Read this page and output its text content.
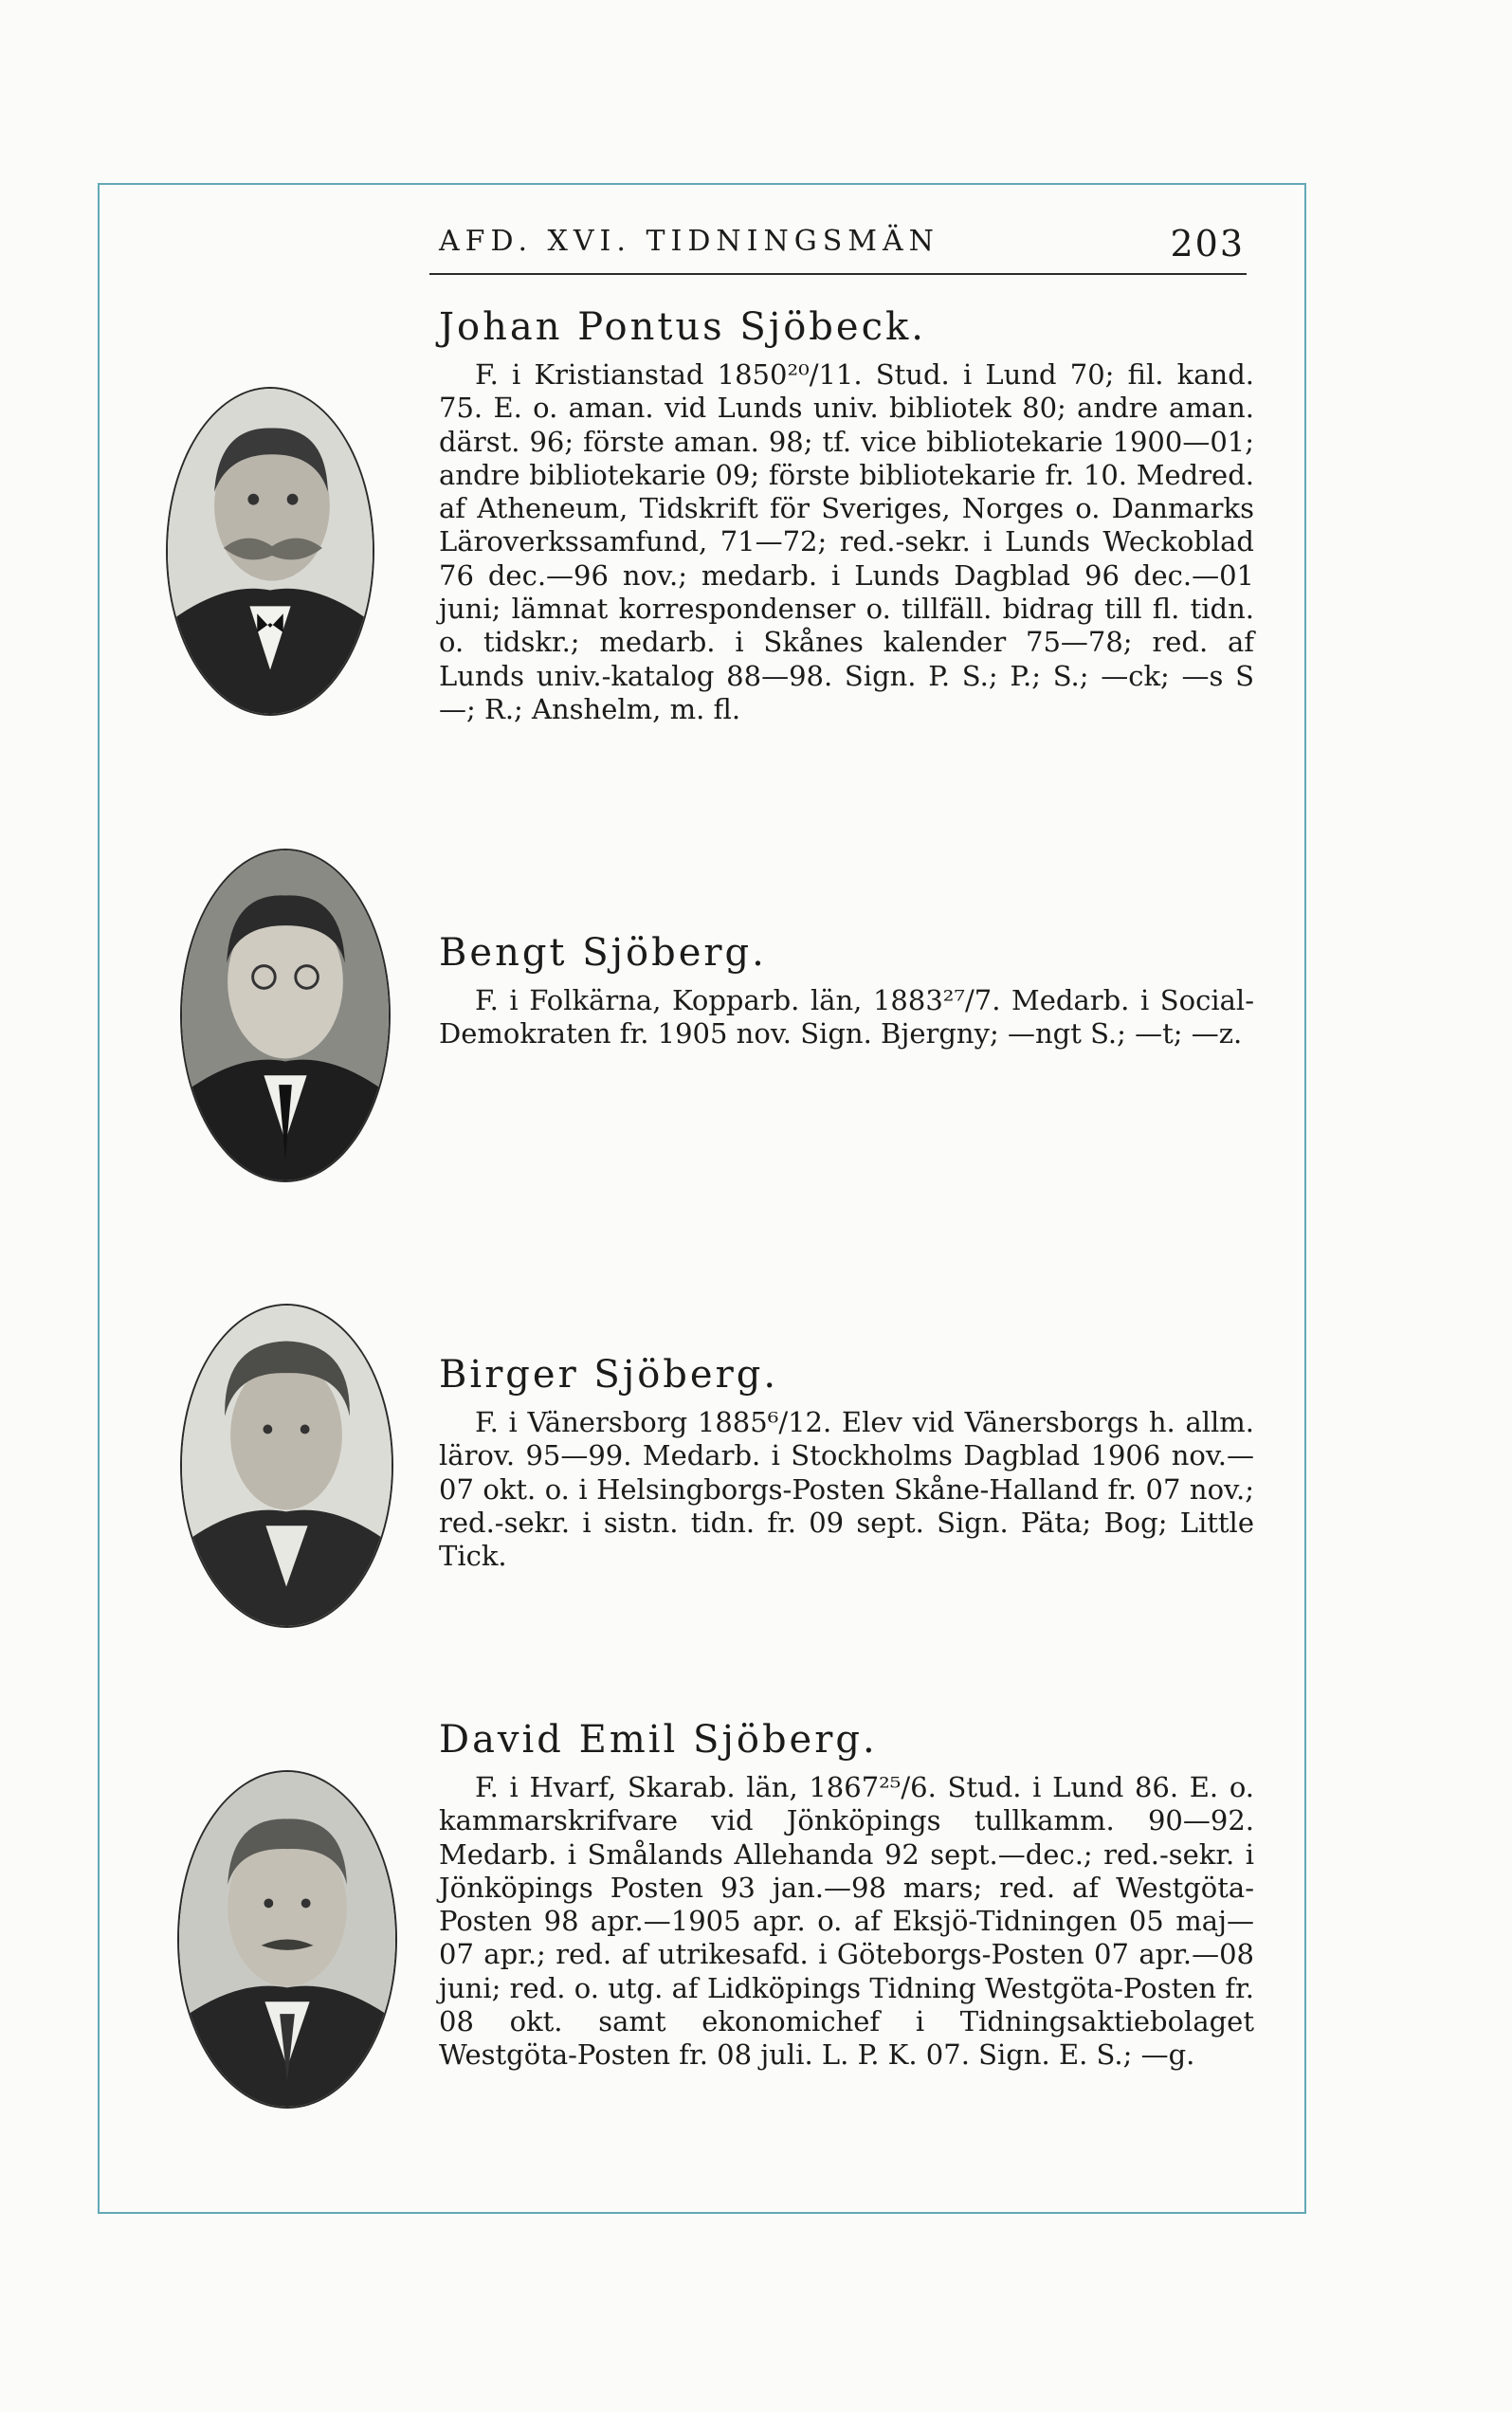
AFD. XVI. TIDNINGSMÄN	203
Johan Pontus Sjöbeck.
F. i Kristianstad 1850²⁰/11. Stud. i Lund 70; fil. kand. 75. E. o. aman. vid Lunds univ. bibliotek 80; andre aman. därst. 96; förste aman. 98; tf. vice bibliotekarie 1900—01; andre bibliotekarie 09; förste bibliotekarie fr. 10. Medred. af Atheneum, Tidskrift för Sveriges, Norges o. Danmarks Läroverkssamfund, 71—72; red.-sekr. i Lunds Weckoblad 76 dec.—96 nov.; medarb. i Lunds Dagblad 96 dec.—01 juni; lämnat korrespondenser o. tillfäll. bidrag till fl. tidn. o. tidskr.; medarb. i Skånes kalender 75—78; red. af Lunds univ.-katalog 88—98. Sign. P. S.; P.; S.; —ck; —s S—; R.; Anshelm, m. fl.
Bengt Sjöberg.
F. i Folkärna, Kopparb. län, 1883²⁷/7. Medarb. i Social-Demokraten fr. 1905 nov. Sign. Bjergny; —ngt S.; —t; —z.
Birger Sjöberg.
F. i Vänersborg 1885⁶/12. Elev vid Vänersborgs h. allm. lärov. 95—99. Medarb. i Stockholms Dagblad 1906 nov.—07 okt. o. i Helsingborgs-Posten Skåne-Halland fr. 07 nov.; red.-sekr. i sistn. tidn. fr. 09 sept. Sign. Päta; Bog; Little Tick.
David Emil Sjöberg.
F. i Hvarf, Skarab. län, 1867²⁵/6. Stud. i Lund 86. E. o. kammarskrifvare vid Jönköpings tullkamm. 90—92. Medarb. i Smålands Allehanda 92 sept.—dec.; red.-sekr. i Jönköpings Posten 93 jan.—98 mars; red. af Westgöta-Posten 98 apr.—1905 apr. o. af Eksjö-Tidningen 05 maj—07 apr.; red. af utrikesafd. i Göteborgs-Posten 07 apr.—08 juni; red. o. utg. af Lidköpings Tidning Westgöta-Posten fr. 08 okt. samt ekonomichef i Tidningsaktiebolaget Westgöta-Posten fr. 08 juli. L. P. K. 07. Sign. E. S.; —g.
